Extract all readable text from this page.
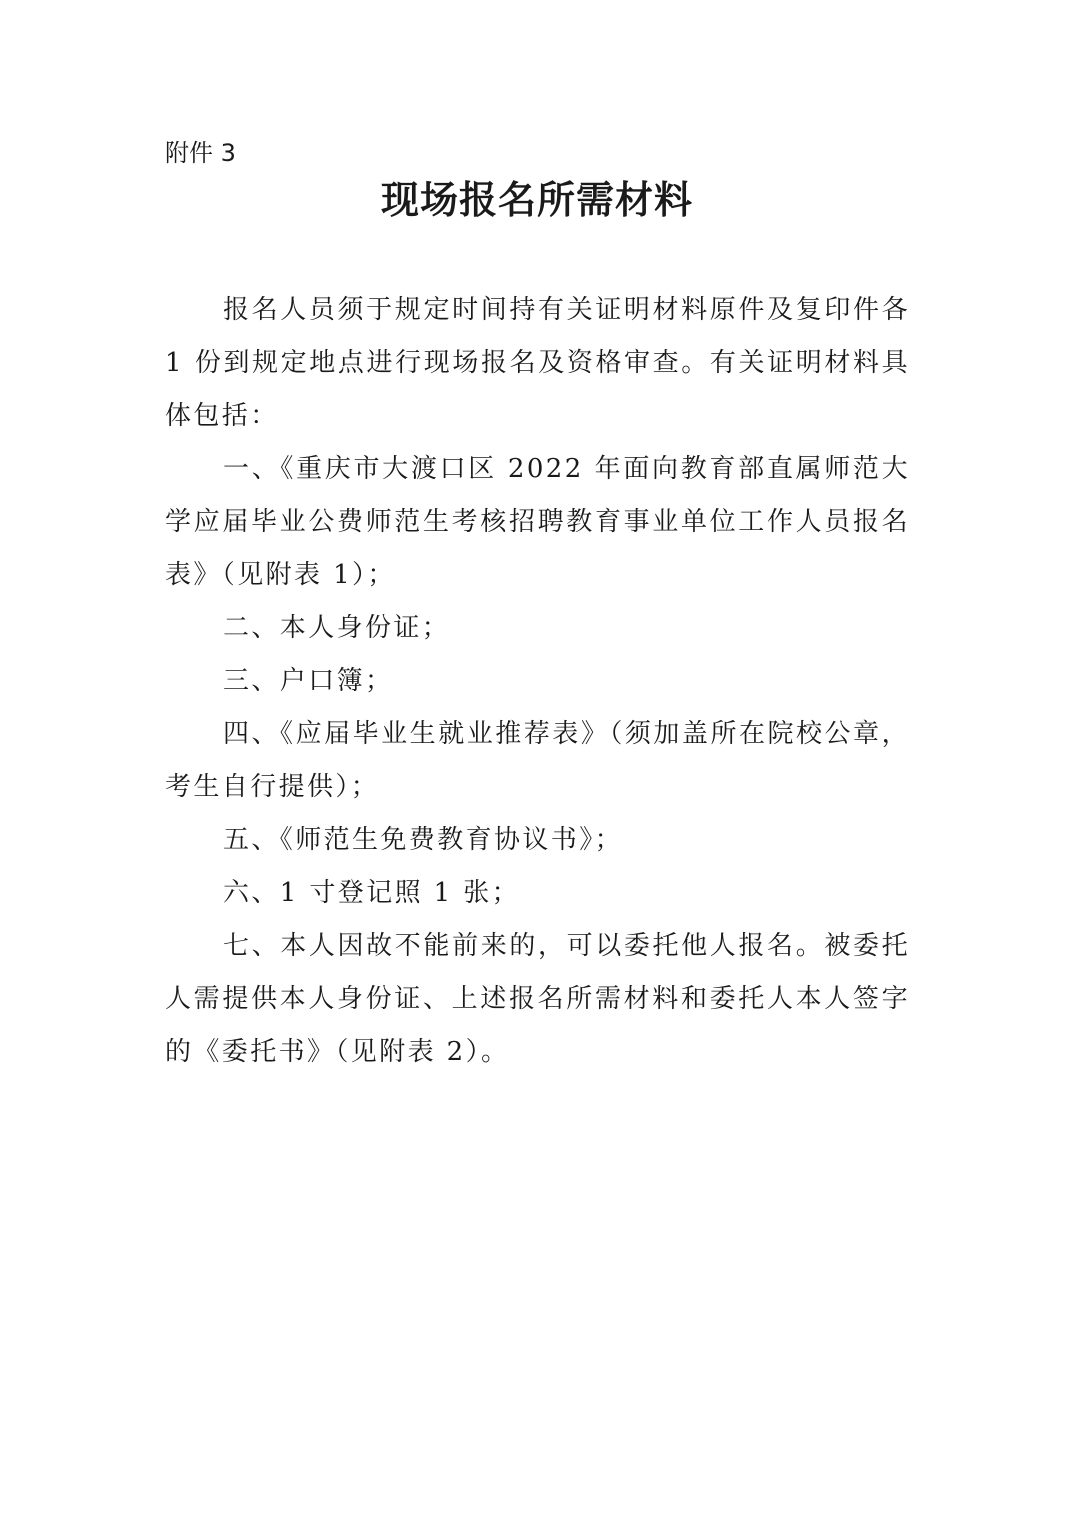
附件 3
现场报名所需材料

报名人员须于规定时间持有关证明材料原件及复印件各 1 份到规定地点进行现场报名及资格审查。有关证明材料具体包括：

一、《重庆市大渡口区 2022 年面向教育部直属师范大学应届毕业公费师范生考核招聘教育事业单位工作人员报名表》（见附表 1）；

二、本人身份证；

三、户口簿；

四、《应届毕业生就业推荐表》（须加盖所在院校公章，考生自行提供）；

五、《师范生免费教育协议书》；

六、1 寸登记照 1 张；

七、本人因故不能前来的，可以委托他人报名。被委托人需提供本人身份证、上述报名所需材料和委托人本人签字的《委托书》（见附表 2）。
